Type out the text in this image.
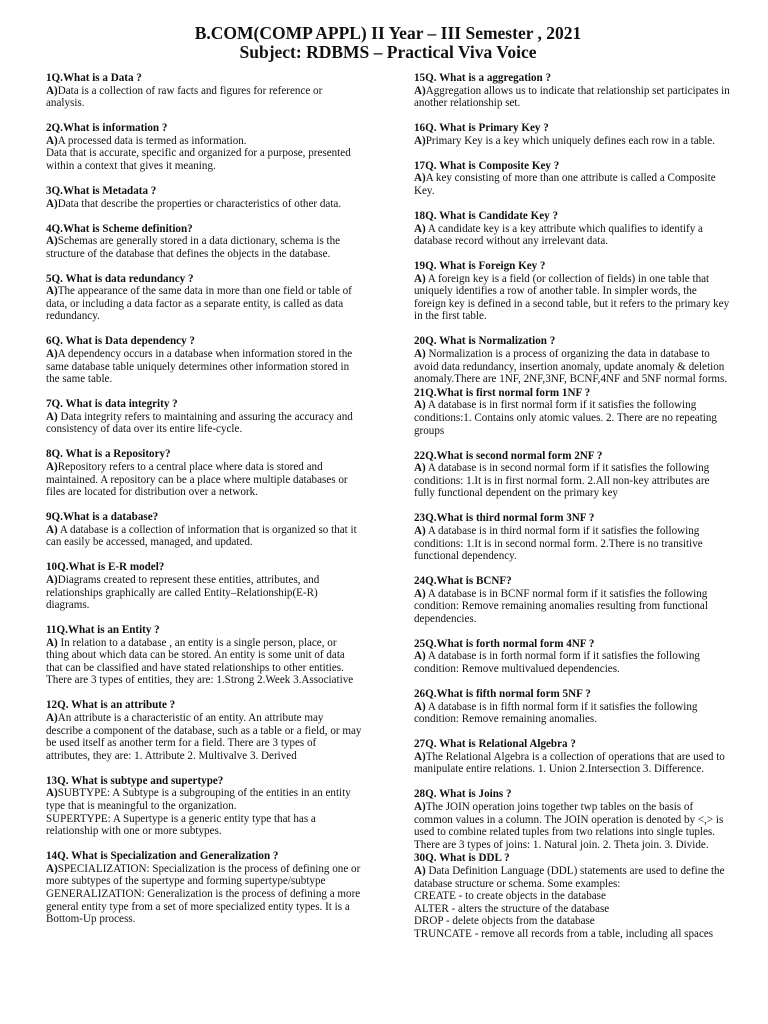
B.COM(COMP APPL) II Year – III Semester , 2021
Subject: RDBMS – Practical Viva Voice
1Q.What is a Data ?
A)Data is a collection of raw facts and figures for reference or analysis.
2Q.What is information ?
A)A processed data is termed as information.
Data that is accurate, specific and organized for a purpose, presented within a context that gives it meaning.
3Q.What is Metadata ?
A)Data that describe the properties or characteristics of other data.
4Q.What is Scheme definition?
A)Schemas are generally stored in a data dictionary, schema is the structure of the database that defines the objects in the database.
5Q. What is data redundancy ?
A)The appearance of the same data in more than one field or table of data, or including a data factor as a separate entity, is called as data redundancy.
6Q. What is Data dependency ?
A)A dependency occurs in a database when information stored in the same database table uniquely determines other information stored in the same table.
7Q. What is data integrity ?
A) Data integrity refers to maintaining and assuring the accuracy and consistency of data over its entire life-cycle.
8Q. What is a Repository?
A)Repository refers to a central place where data is stored and maintained. A repository can be a place where multiple databases or files are located for distribution over a network.
9Q.What is a database?
A) A database is a collection of information that is organized so that it can easily be accessed, managed, and updated.
10Q.What is E-R model?
A)Diagrams created to represent these entities, attributes, and relationships graphically are called Entity–Relationship(E-R) diagrams.
11Q.What is an Entity ?
A) In relation to a database , an entity is a single person, place, or thing about which data can be stored. An entity is some unit of data that can be classified and have stated relationships to other entities. There are 3 types of entities, they are: 1.Strong 2.Week 3.Associative
12Q. What is an attribute ?
A)An attribute is a characteristic of an entity. An attribute may describe a component of the database, such as a table or a field, or may be used itself as another term for a field. There are 3 types of attributes, they are: 1. Attribute 2. Multivalve 3. Derived
13Q. What is subtype and supertype?
A)SUBTYPE: A Subtype is a subgrouping of the entities in an entity type that is meaningful to the organization.
SUPERTYPE: A Supertype is a generic entity type that has a relationship with one or more subtypes.
14Q. What is Specialization and Generalization ?
A)SPECIALIZATION: Specialization is the process of defining one or more subtypes of the supertype and forming supertype/subtype
GENERALIZATION: Generalization is the process of defining a more general entity type from a set of more specialized entity types. It is a Bottom-Up process.
15Q. What is a aggregation ?
A)Aggregation allows us to indicate that relationship set participates in another relationship set.
16Q. What is Primary Key ?
A)Primary Key is a key which uniquely defines each row in a table.
17Q. What is Composite Key ?
A)A key consisting of more than one attribute is called a Composite Key.
18Q. What is Candidate Key ?
A) A candidate key is a key attribute which qualifies to identify a database record without any irrelevant data.
19Q. What is Foreign Key ?
A) A foreign key is a field (or collection of fields) in one table that uniquely identifies a row of another table. In simpler words, the foreign key is defined in a second table, but it refers to the primary key in the first table.
20Q. What is Normalization ?
A) Normalization is a process of organizing the data in database to avoid data redundancy, insertion anomaly, update anomaly & deletion anomaly.There are 1NF, 2NF,3NF, BCNF,4NF and 5NF normal forms.
21Q.What is first normal form 1NF ?
A) A database is in first normal form if it satisfies the following conditions:1. Contains only atomic values. 2. There are no repeating groups
22Q.What is second normal form 2NF ?
A) A database is in second normal form if it satisfies the following conditions: 1.It is in first normal form. 2.All non-key attributes are fully functional dependent on the primary key
23Q.What is third normal form 3NF ?
A) A database is in third normal form if it satisfies the following conditions: 1.It is in second normal form. 2.There is no transitive functional dependency.
24Q.What is BCNF?
A) A database is in BCNF normal form if it satisfies the following condition: Remove remaining anomalies resulting from functional dependencies.
25Q.What is forth normal form 4NF ?
A) A database is in forth normal form if it satisfies the following condition: Remove multivalued dependencies.
26Q.What is fifth normal form 5NF ?
A) A database is in fifth normal form if it satisfies the following condition: Remove remaining anomalies.
27Q. What is Relational Algebra ?
A)The Relational Algebra is a collection of operations that are used to manipulate entire relations. 1. Union 2.Intersection 3. Difference.
28Q. What is Joins ?
A)The JOIN operation joins together twp tables on the basis of common values in a column. The JOIN operation is denoted by <,> is used to combine related tuples from two relations into single tuples. There are 3 types of joins: 1. Natural join. 2. Theta join. 3. Divide.
30Q. What is DDL ?
A) Data Definition Language (DDL) statements are used to define the database structure or schema. Some examples:
CREATE - to create objects in the database
ALTER - alters the structure of the database
DROP - delete objects from the database
TRUNCATE - remove all records from a table, including all spaces
